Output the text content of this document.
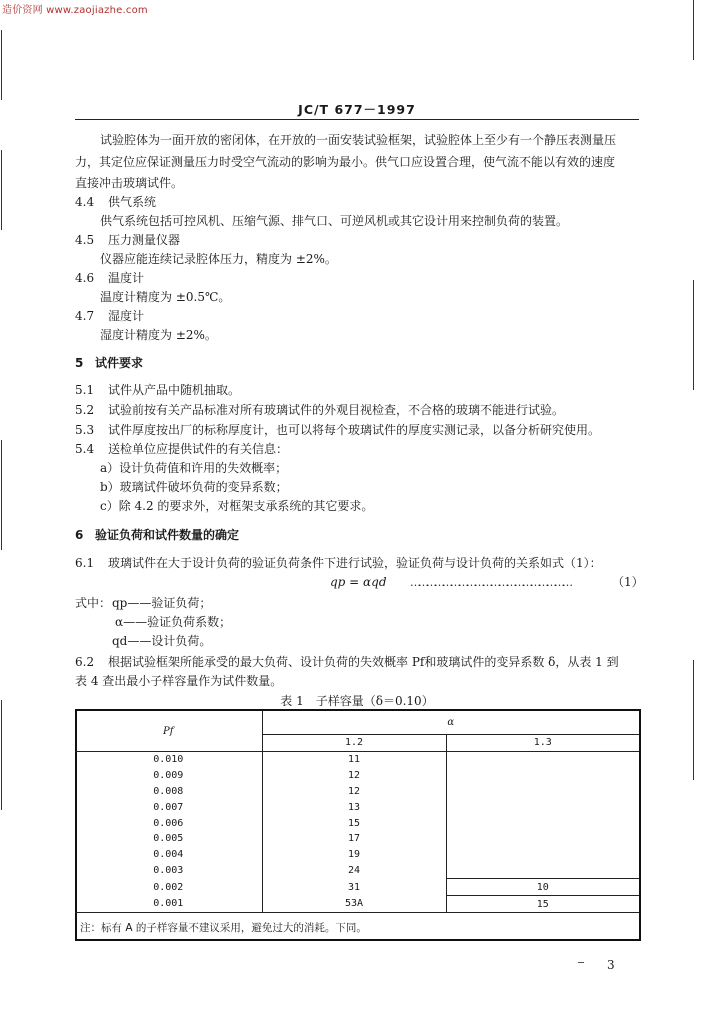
造价资网 www.zaojiazhe.com
JC/T 677－1997
试验腔体为一面开放的密闭体，在开放的一面安装试验框架，试验腔体上至少有一个静压表测量压
力，其定位应保证测量压力时受空气流动的影响为最小。供气口应设置合理，使气流不能以有效的速度
直接冲击玻璃试件。
4.4 供气系统
供气系统包括可控风机、压缩气源、排气口、可逆风机或其它设计用来控制负荷的装置。
4.5 压力测量仪器
仪器应能连续记录腔体压力，精度为 ±2%。
4.6 温度计
温度计精度为 ±0.5℃。
4.7 湿度计
湿度计精度为 ±2%。
5 试件要求
5.1 试件从产品中随机抽取。
5.2 试验前按有关产品标准对所有玻璃试件的外观目视检查，不合格的玻璃不能进行试验。
5.3 试件厚度按出厂的标称厚度计，也可以将每个玻璃试件的厚度实测记录，以备分析研究使用。
5.4 送检单位应提供试件的有关信息：
a）设计负荷值和许用的失效概率；
b）玻璃试件破坏负荷的变异系数；
c）除 4.2 的要求外，对框架支承系统的其它要求。
6 验证负荷和试件数量的确定
6.1 玻璃试件在大于设计负荷的验证负荷条件下进行试验，验证负荷与设计负荷的关系如式（1）：
qp = αqd ……………………………………………………	（1）
式中： qp——验证负荷；
α——验证负荷系数；
qd——设计负荷。
6.2 根据试验框架所能承受的最大负荷、设计负荷的失效概率 Pf和玻璃试件的变异系数 δ，从表 1 到
表 4 查出最小子样容量作为试件数量。
表 1　子样容量（δ＝0.10）
Pf	α	
	1.2	1.3
0.010	11	
0.009	12	
0.008	12	
0.007	13	
0.006	15	
0.005	17	
0.004	19	
0.003	24	
0.002	31	10
0.001	53A	15

注：标有 A 的子样容量不建议采用，避免过大的消耗。下同。
3
